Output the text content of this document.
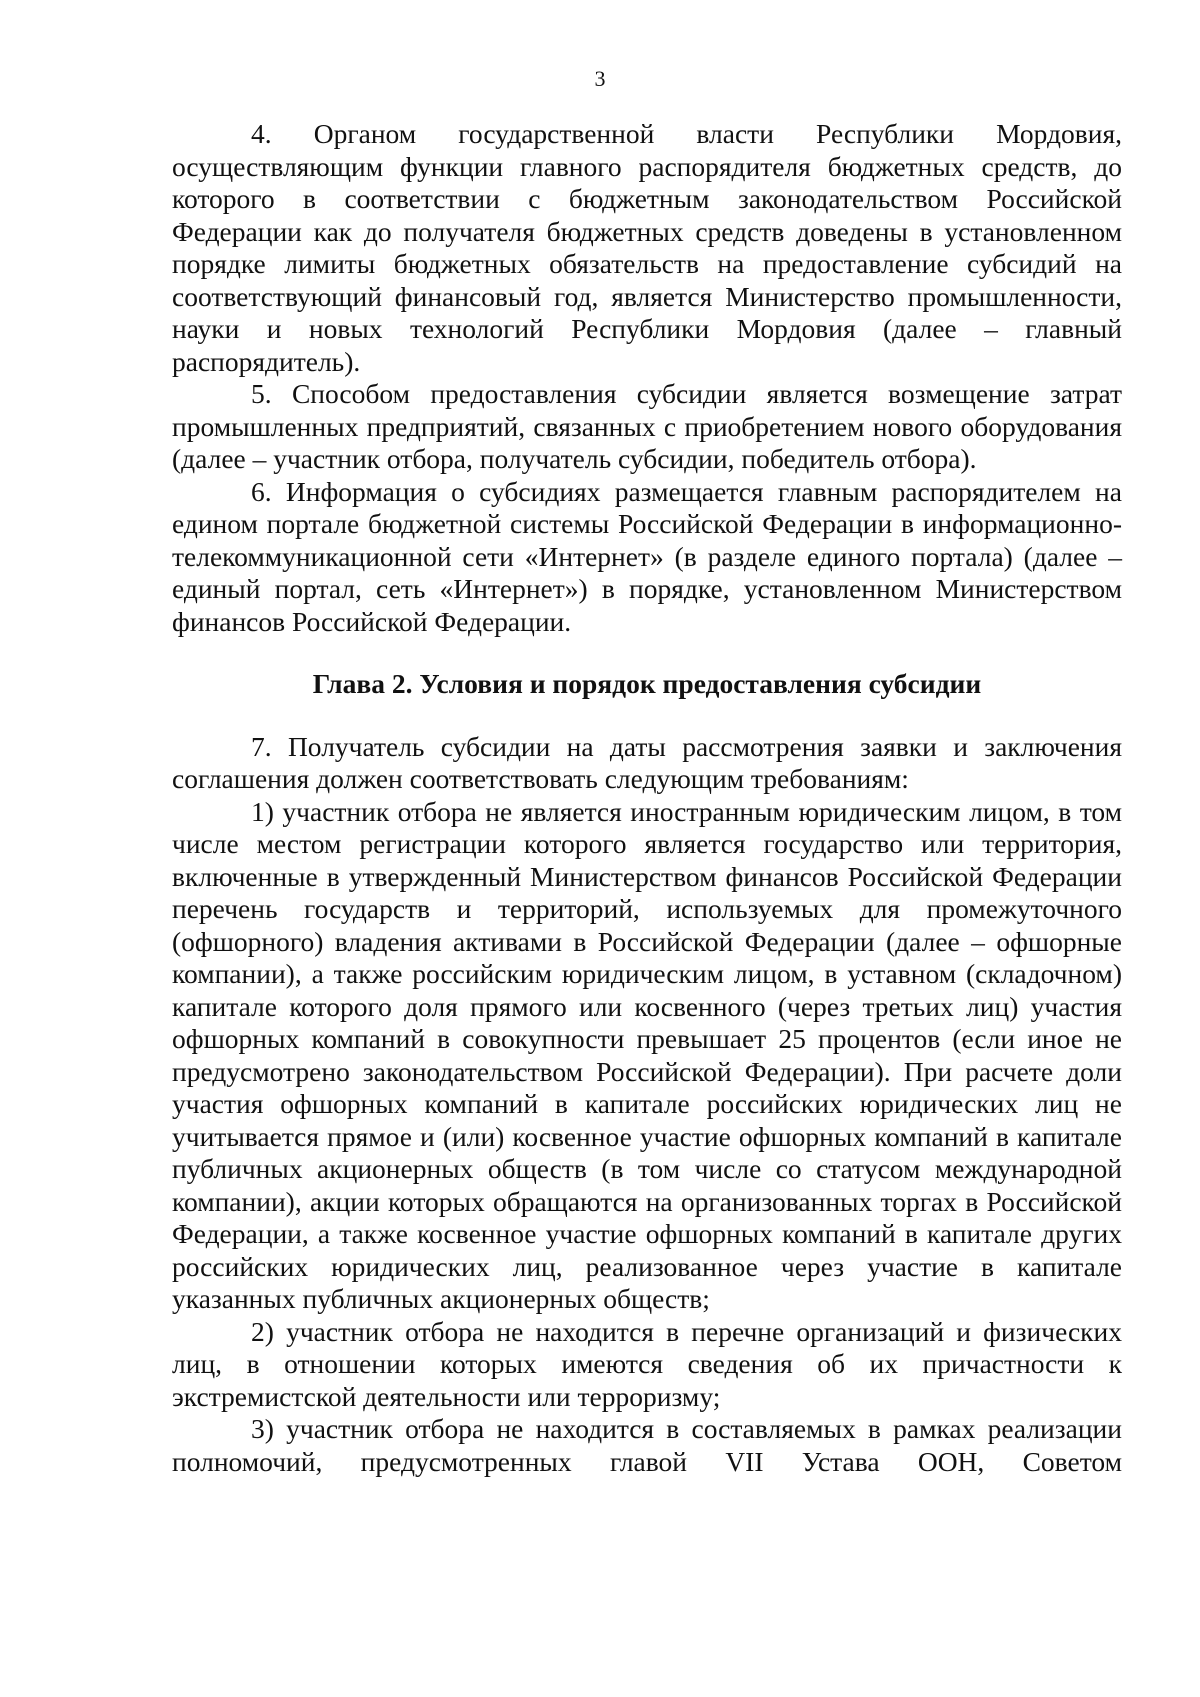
3

4. Органом государственной власти Республики Мордовия, осуществляющим функции главного распорядителя бюджетных средств, до которого в соответствии с бюджетным законодательством Российской Федерации как до получателя бюджетных средств доведены в установленном порядке лимиты бюджетных обязательств на предоставление субсидий на соответствующий финансовый год, является Министерство промышленности, науки и новых технологий Республики Мордовия (далее – главный распорядитель).

5. Способом предоставления субсидии является возмещение затрат промышленных предприятий, связанных с приобретением нового оборудования (далее – участник отбора, получатель субсидии, победитель отбора).

6. Информация о субсидиях размещается главным распорядителем на едином портале бюджетной системы Российской Федерации в информационно-телекоммуникационной сети «Интернет» (в разделе единого портала) (далее – единый портал, сеть «Интернет») в порядке, установленном Министерством финансов Российской Федерации.

Глава 2. Условия и порядок предоставления субсидии

7. Получатель субсидии на даты рассмотрения заявки и заключения соглашения должен соответствовать следующим требованиям:

1) участник отбора не является иностранным юридическим лицом, в том числе местом регистрации которого является государство или территория, включенные в утвержденный Министерством финансов Российской Федерации перечень государств и территорий, используемых для промежуточного (офшорного) владения активами в Российской Федерации (далее – офшорные компании), а также российским юридическим лицом, в уставном (складочном) капитале которого доля прямого или косвенного (через третьих лиц) участия офшорных компаний в совокупности превышает 25 процентов (если иное не предусмотрено законодательством Российской Федерации). При расчете доли участия офшорных компаний в капитале российских юридических лиц не учитывается прямое и (или) косвенное участие офшорных компаний в капитале публичных акционерных обществ (в том числе со статусом международной компании), акции которых обращаются на организованных торгах в Российской Федерации, а также косвенное участие офшорных компаний в капитале других российских юридических лиц, реализованное через участие в капитале указанных публичных акционерных обществ;

2) участник отбора не находится в перечне организаций и физических лиц, в отношении которых имеются сведения об их причастности к экстремистской деятельности или терроризму;

3) участник отбора не находится в составляемых в рамках реализации полномочий, предусмотренных главой VII Устава ООН, Советом
